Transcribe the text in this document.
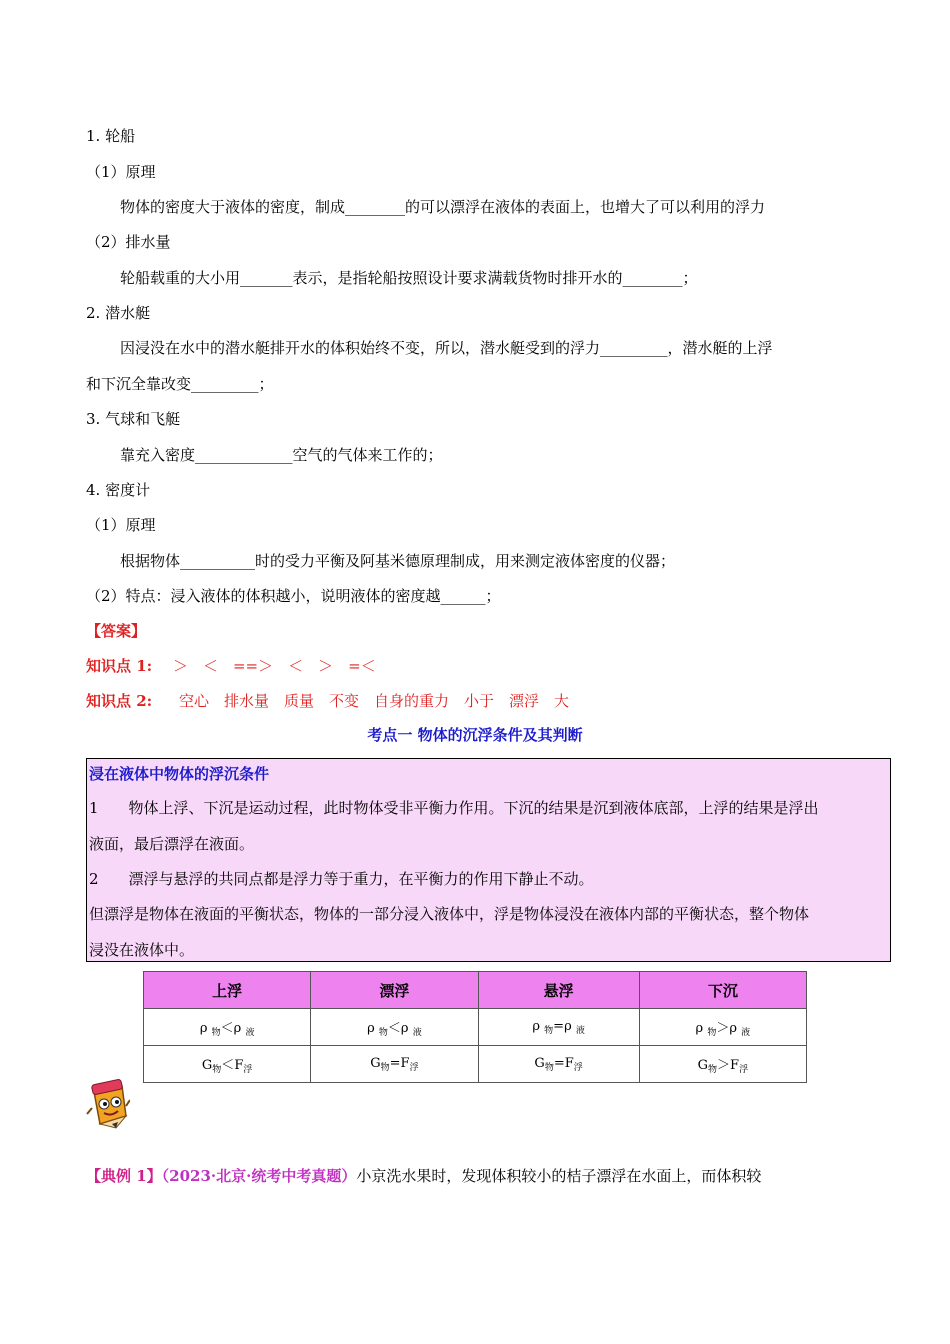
1. 轮船
（1）原理
物体的密度大于液体的密度，制成________的可以漂浮在液体的表面上，也增大了可以利用的浮力
（2）排水量
轮船载重的大小用_______表示，是指轮船按照设计要求满载货物时排开水的________；
2. 潜水艇
因浸没在水中的潜水艇排开水的体积始终不变，所以，潜水艇受到的浮力_________，潜水艇的上浮
和下沉全靠改变_________；
3. 气球和飞艇
靠充入密度_____________空气的气体来工作的；
4. 密度计
（1）原理
根据物体__________时的受力平衡及阿基米德原理制成，用来测定液体密度的仪器；
（2）特点：浸入液体的体积越小，说明液体的密度越______；
【答案】
知识点 1: ＞　＜　==＞　＜　＞　=＜
知识点 2: 空心　排水量　质量　不变　自身的重力　小于　漂浮　大
考点一 物体的沉浮条件及其判断
浸在液体中物体的浮沉条件
1　　物体上浮、下沉是运动过程，此时物体受非平衡力作用。下沉的结果是沉到液体底部，上浮的结果是浮出
液面，最后漂浮在液面。
2　　漂浮与悬浮的共同点都是浮力等于重力，在平衡力的作用下静止不动。
但漂浮是物体在液面的平衡状态，物体的一部分浸入液体中，浮是物体浸没在液体内部的平衡状态，整个物体
浸没在液体中。
上浮	漂浮	悬浮	下沉
ρ $_物$＜ρ $_液$	ρ $_物$＜ρ $_液$	ρ $_物$=ρ $_液$	ρ $_物$＞ρ $_液$
$G_物<F_浮$	$G_物=F_浮$	$G_物=F_浮$	$G_物>F_浮$
【典例 1】（2023·北京·统考中考真题）小京洗水果时，发现体积较小的桔子漂浮在水面上，而体积较
